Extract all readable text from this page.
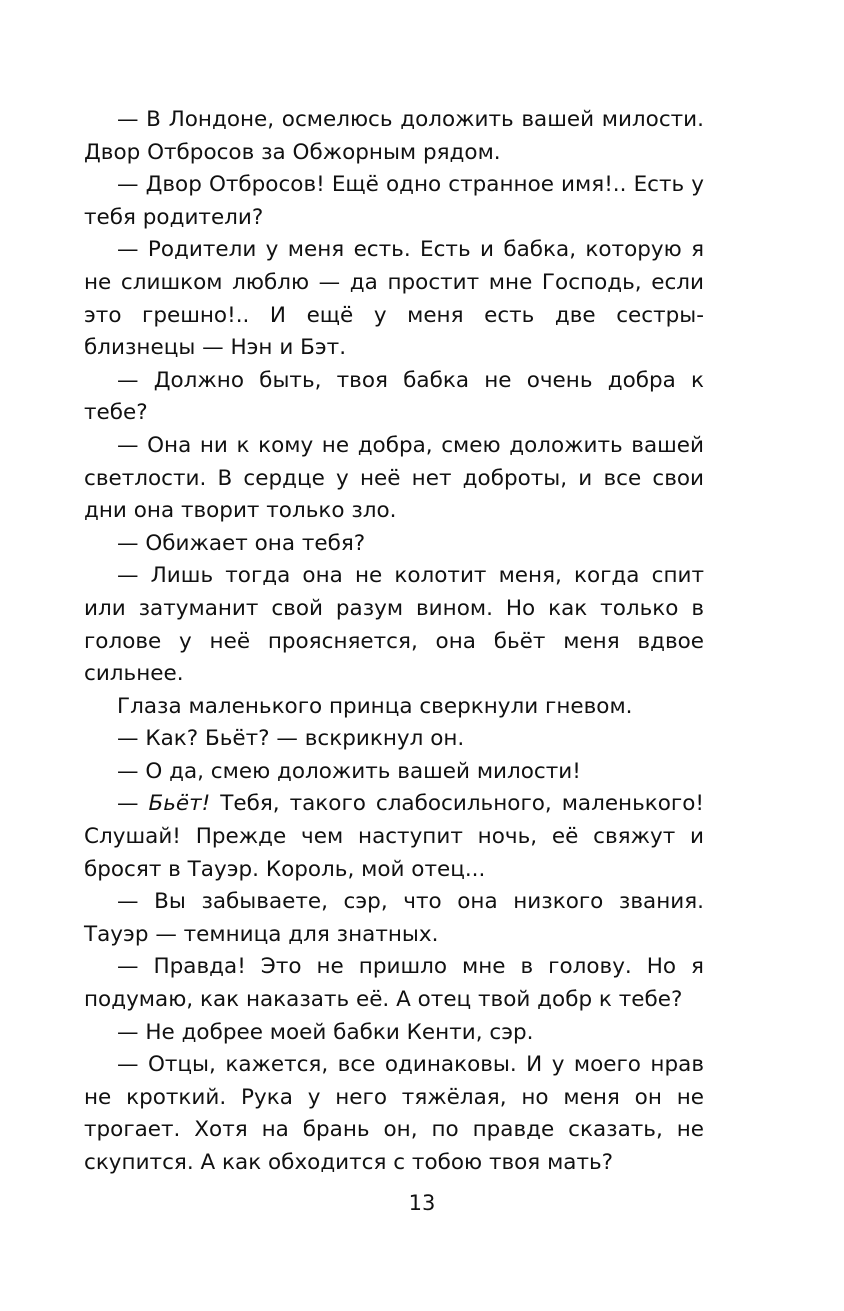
— В Лондоне, осмелюсь доложить вашей милости. Двор Отбросов за Обжорным рядом.

— Двор Отбросов! Ещё одно странное имя!.. Есть у тебя родители?

— Родители у меня есть. Есть и бабка, которую я не слишком люблю — да простит мне Господь, если это грешно!.. И ещё у меня есть две сестры-близнецы — Нэн и Бэт.

— Должно быть, твоя бабка не очень добра к тебе?

— Она ни к кому не добра, смею доложить вашей светлости. В сердце у неё нет доброты, и все свои дни она творит только зло.

— Обижает она тебя?

— Лишь тогда она не колотит меня, когда спит или затуманит свой разум вином. Но как только в голове у неё проясняется, она бьёт меня вдвое сильнее.

Глаза маленького принца сверкнули гневом.

— Как? Бьёт? — вскрикнул он.

— О да, смею доложить вашей милости!

— Бьёт! Тебя, такого слабосильного, маленького! Слушай! Прежде чем наступит ночь, её свяжут и бросят в Тауэр. Король, мой отец...

— Вы забываете, сэр, что она низкого звания. Тауэр — темница для знатных.

— Правда! Это не пришло мне в голову. Но я подумаю, как наказать её. А отец твой добр к тебе?

— Не добрее моей бабки Кенти, сэр.

— Отцы, кажется, все одинаковы. И у моего нрав не кроткий. Рука у него тяжёлая, но меня он не трогает. Хотя на брань он, по правде сказать, не скупится. А как обходится с тобою твоя мать?

13
